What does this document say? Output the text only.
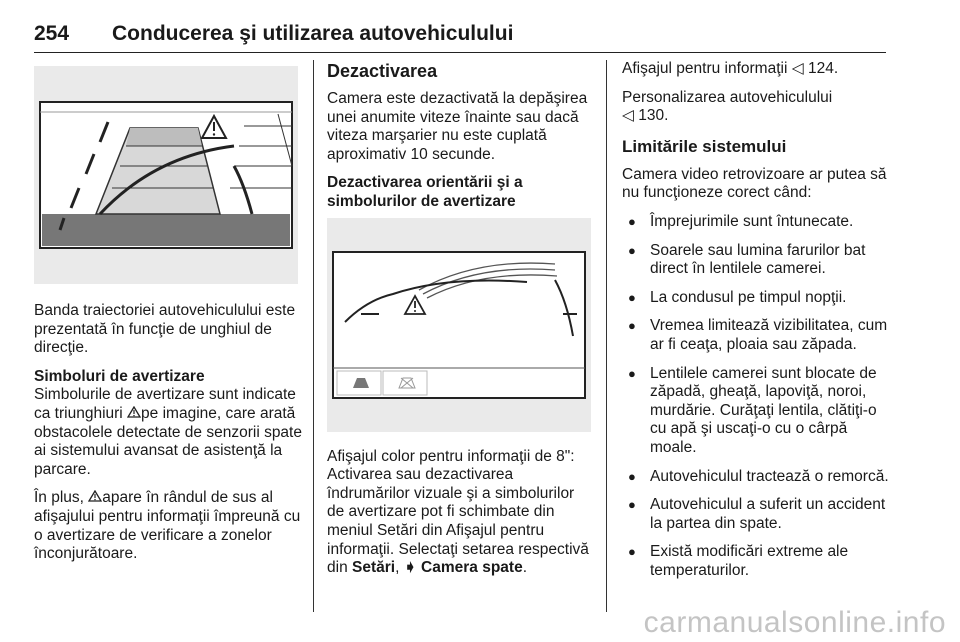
254 Conducerea şi utilizarea autovehiculului

Banda traiectoriei autovehiculului este prezentată în funcţie de unghiul de direcţie.

Simboluri de avertizare

Simbolurile de avertizare sunt indicate ca triunghiuri pe imagine, care arată obstacolele detectate de senzorii spate ai sistemului avansat de asistenţă la parcare.

În plus, apare în rândul de sus al afişajului pentru informaţii împreună cu o avertizare de verificare a zonelor înconjurătoare.

Dezactivarea

Camera este dezactivată la depăşirea unei anumite viteze înainte sau dacă viteza marşarier nu este cuplată aproximativ 10 secunde.

Dezactivarea orientării şi a simbolurilor de avertizare

Afişajul color pentru informaţii de 8": Activarea sau dezactivarea îndrumărilor vizuale şi a simbolurilor de avertizare pot fi schimbate din meniul Setări din Afişajul pentru informaţii. Selectaţi setarea respectivă din Setări, ➧ Camera spate.

Afişajul pentru informaţii ◁ 124.

Personalizarea autovehiculului
◁ 130.

Limitările sistemului

Camera video retrovizoare ar putea să nu funcţioneze corect când:

● Împrejurimile sunt întunecate.
● Soarele sau lumina farurilor bat direct în lentilele camerei.
● La condusul pe timpul nopţii.
● Vremea limitează vizibilitatea, cum ar fi ceaţa, ploaia sau zăpada.
● Lentilele camerei sunt blocate de zăpadă, gheaţă, lapoviţă, noroi, murdărie. Curăţaţi lentila, clătiţi-o cu apă şi uscaţi-o cu o cârpă moale.
● Autovehiculul tractează o remorcă.
● Autovehiculul a suferit un accident la partea din spate.
● Există modificări extreme ale temperaturilor.
carmanualsonline.info
